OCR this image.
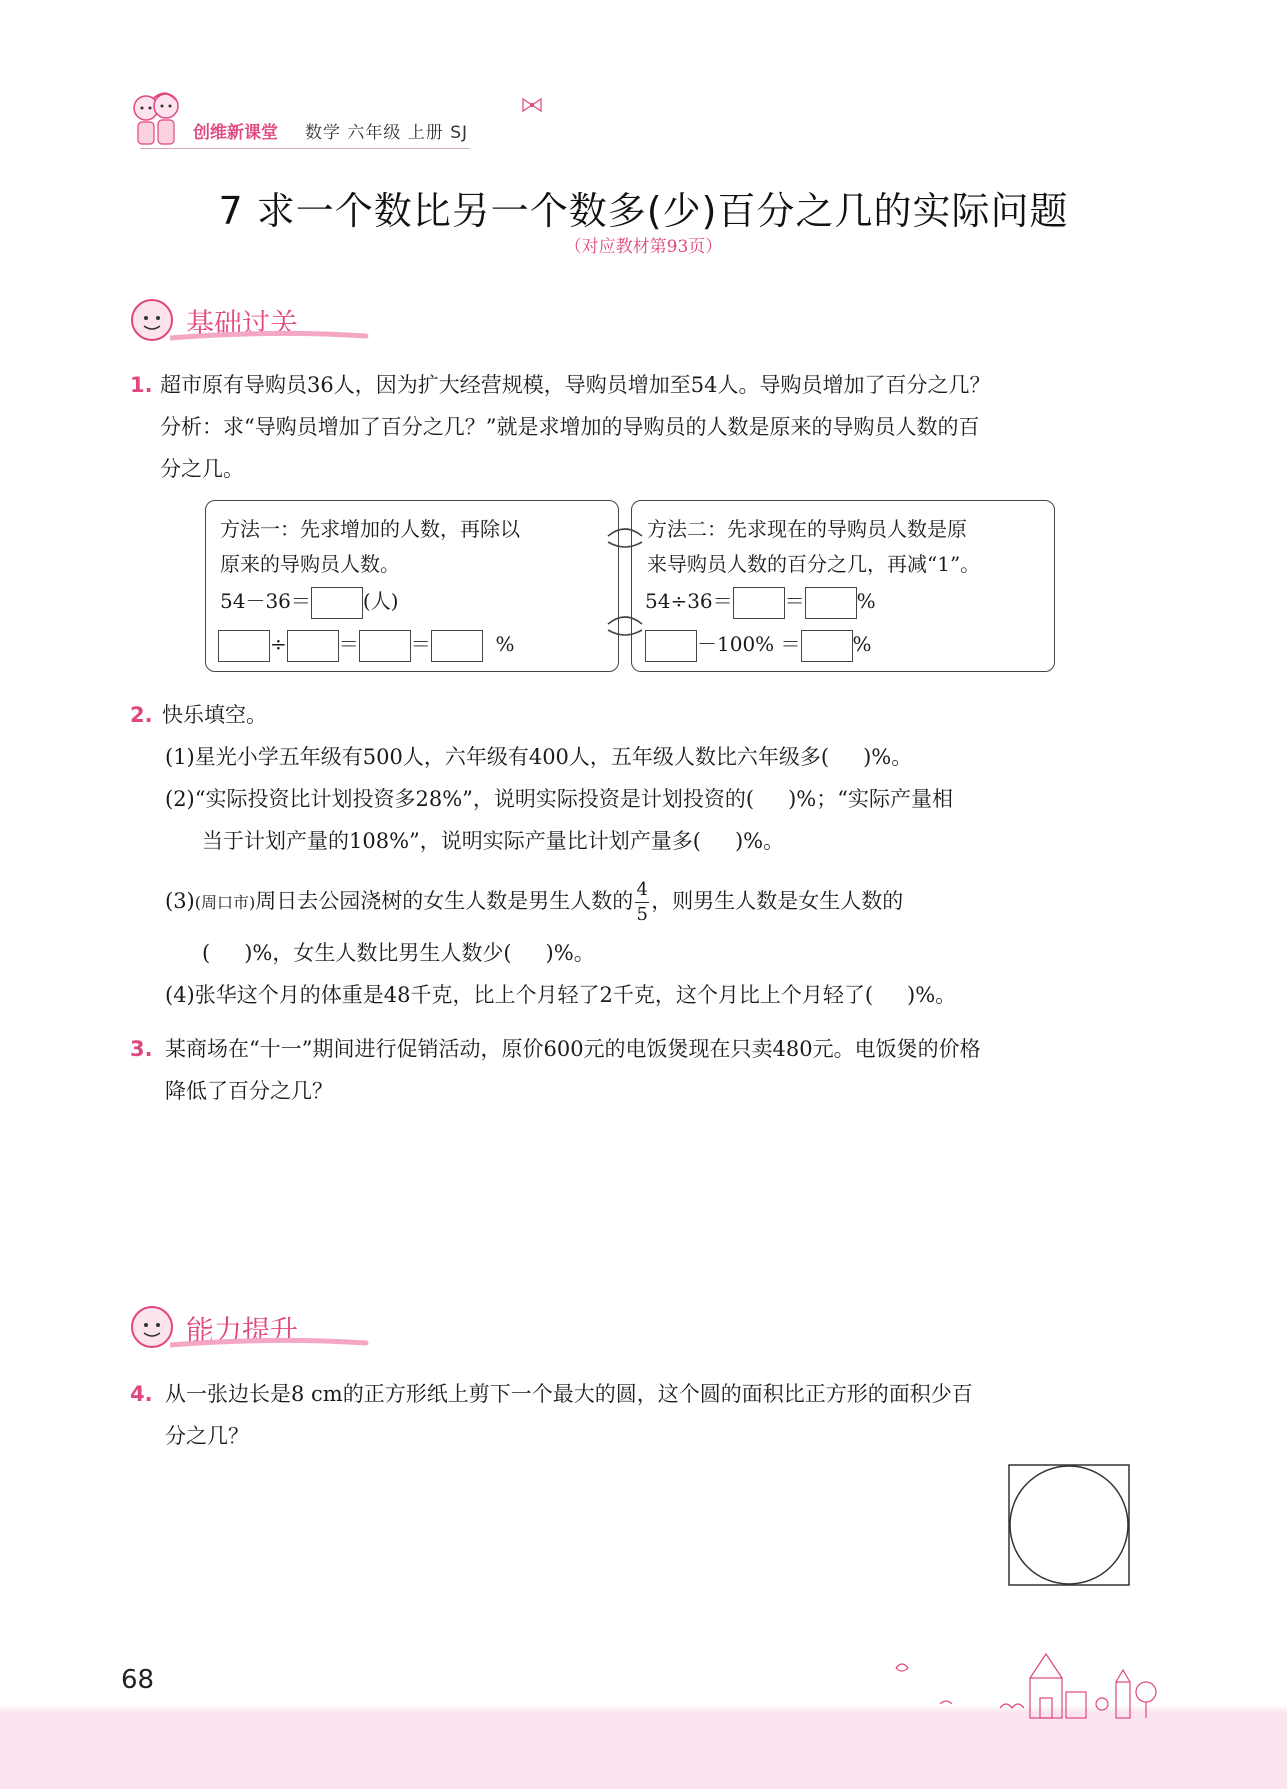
创维新课堂 数学 六年级 上册 SJ
7 求一个数比另一个数多(少)百分之几的实际问题
（对应教材第93页）
基础过关
1. 超市原有导购员36人，因为扩大经营规模，导购员增加至54人。导购员增加了百分之几？
分析：求“导购员增加了百分之几？”就是求增加的导购员的人数是原来的导购员人数的百
分之几。
方法一：先求增加的人数，再除以
原来的导购员人数。
54－36＝	(人)
÷	＝	＝	%
方法二：先求现在的导购员人数是原
来导购员人数的百分之几，再减“1”。
54÷36＝	＝	%
－100% ＝	%
2. 快乐填空。
(1)星光小学五年级有500人，六年级有400人，五年级人数比六年级多( )%。
(2)“实际投资比计划投资多28%”，说明实际投资是计划投资的( )%；“实际产量相
当于计划产量的108%”，说明实际产量比计划产量多( )%。
(3)(周口市)周日去公园浇树的女生人数是男生人数的 $\frac{4}{5}$ ，则男生人数是女生人数的
( )%，女生人数比男生人数少( )%。
(4)张华这个月的体重是48千克，比上个月轻了2千克，这个月比上个月轻了( )%。
3. 某商场在“十一”期间进行促销活动，原价600元的电饭煲现在只卖480元。电饭煲的价格
降低了百分之几？
能力提升
4. 从一张边长是8 cm的正方形纸上剪下一个最大的圆，这个圆的面积比正方形的面积少百
分之几？
68
